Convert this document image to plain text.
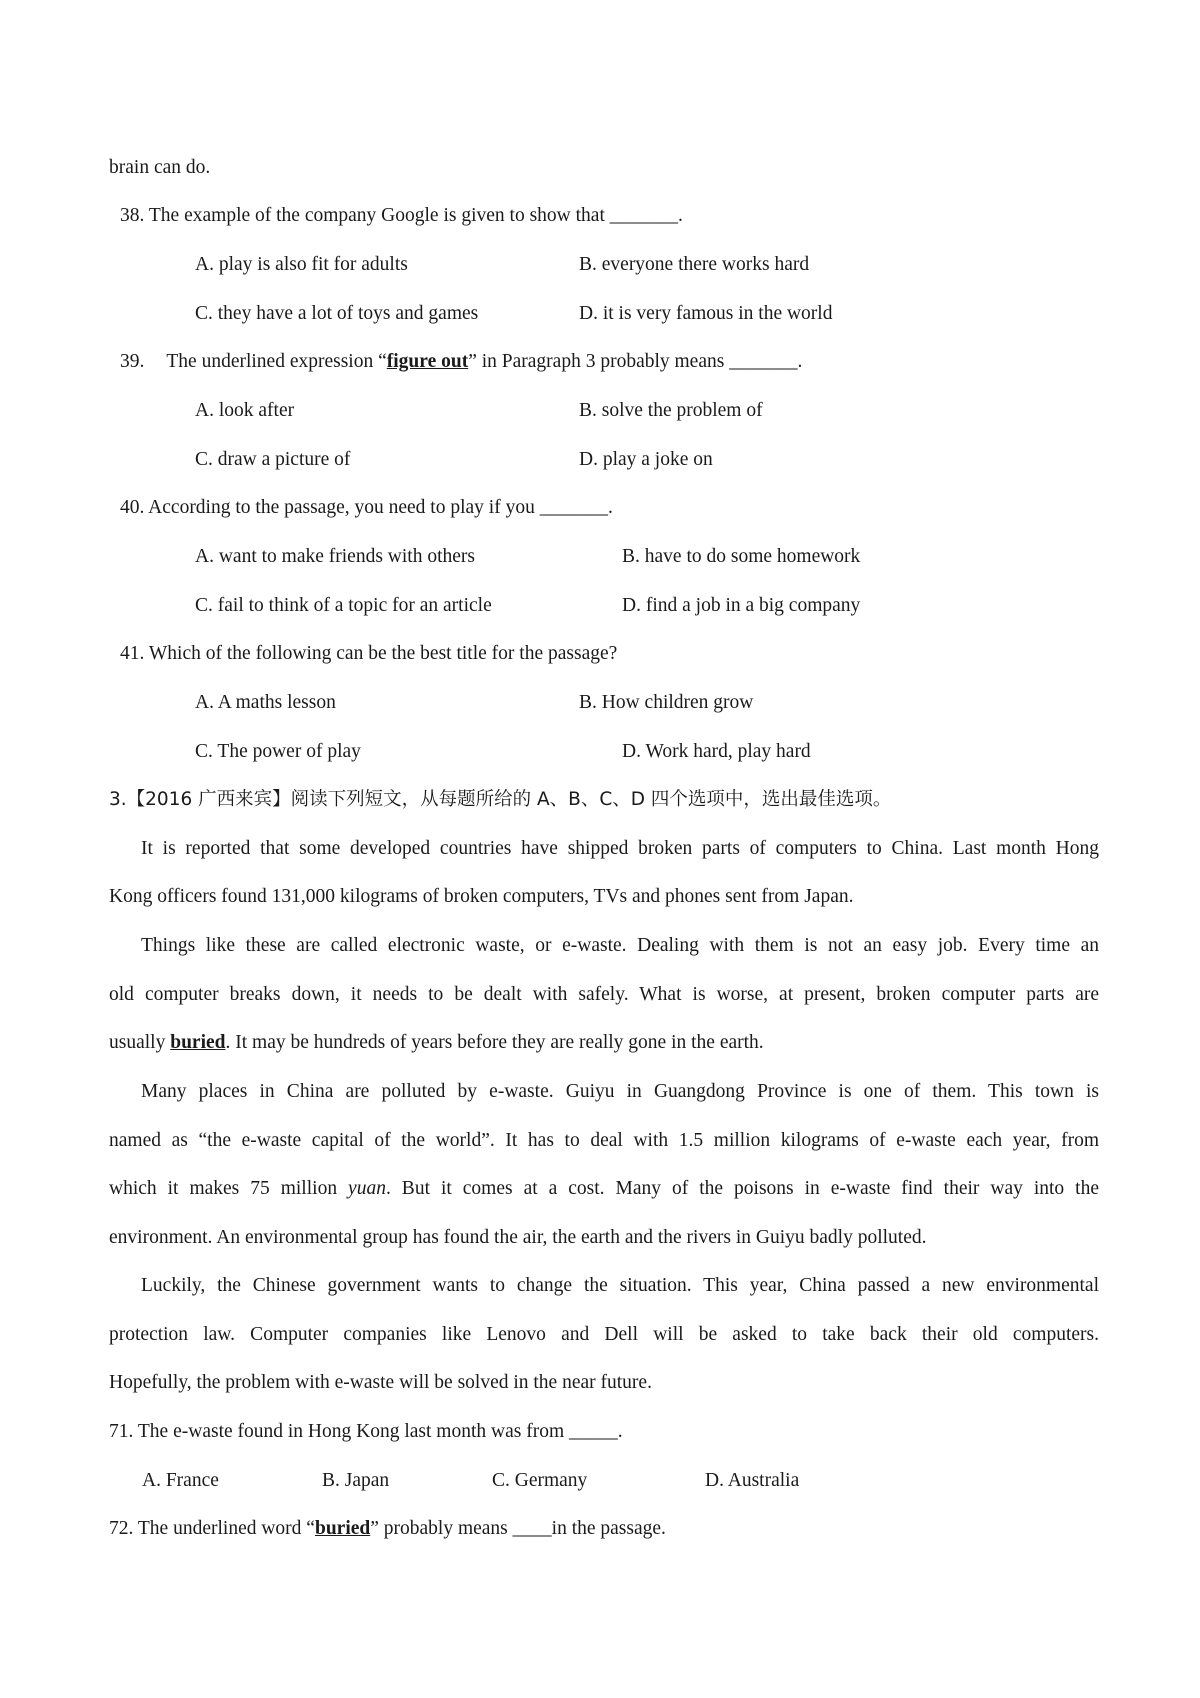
brain can do.
38. The example of the company Google is given to show that _______.
A. play is also fit for adults	B. everyone there works hard
C. they have a lot of toys and games	D. it is very famous in the world
39. The underlined expression “figure out” in Paragraph 3 probably means _______.
A. look after	B. solve the problem of
C. draw a picture of	D. play a joke on
40. According to the passage, you need to play if you _______.
A. want to make friends with others	B. have to do some homework
C. fail to think of a topic for an article	D. find a job in a big company
41. Which of the following can be the best title for the passage?
A. A maths lesson	B. How children grow
C. The power of play	D. Work hard, play hard
3.【2016 广西来宾】阅读下列短文，从每题所给的 A、B、C、D 四个选项中，选出最佳选项。
It is reported that some developed countries have shipped broken parts of computers to China. Last month Hong
Kong officers found 131,000 kilograms of broken computers, TVs and phones sent from Japan.
Things like these are called electronic waste, or e-waste. Dealing with them is not an easy job. Every time an
old computer breaks down, it needs to be dealt with safely. What is worse, at present, broken computer parts are
usually buried. It may be hundreds of years before they are really gone in the earth.
Many places in China are polluted by e-waste. Guiyu in Guangdong Province is one of them. This town is
named as “the e-waste capital of the world”. It has to deal with 1.5 million kilograms of e-waste each year, from
which it makes 75 million yuan. But it comes at a cost. Many of the poisons in e-waste find their way into the
environment. An environmental group has found the air, the earth and the rivers in Guiyu badly polluted.
Luckily, the Chinese government wants to change the situation. This year, China passed a new environmental
protection law. Computer companies like Lenovo and Dell will be asked to take back their old computers.
Hopefully, the problem with e-waste will be solved in the near future.
71. The e-waste found in Hong Kong last month was from _____.
A. France	B. Japan	C. Germany	D. Australia
72. The underlined word “buried” probably means ____in the passage.
